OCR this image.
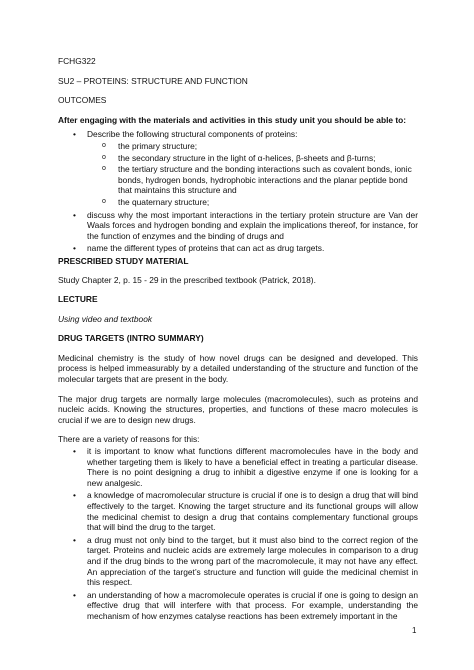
FCHG322

SU2 – PROTEINS: STRUCTURE AND FUNCTION

OUTCOMES

After engaging with the materials and activities in this study unit you should be able to:

• Describe the following structural components of proteins:
o the primary structure;
o the secondary structure in the light of α-helices, β-sheets and β-turns;
o the tertiary structure and the bonding interactions such as covalent bonds, ionic bonds, hydrogen bonds, hydrophobic interactions and the planar peptide bond that maintains this structure and
o the quaternary structure;
• discuss why the most important interactions in the tertiary protein structure are Van der Waals forces and hydrogen bonding and explain the implications thereof, for instance, for the function of enzymes and the binding of drugs and
• name the different types of proteins that can act as drug targets.

PRESCRIBED STUDY MATERIAL

Study Chapter 2, p. 15 - 29 in the prescribed textbook (Patrick, 2018).

LECTURE

Using video and textbook

DRUG TARGETS (INTRO SUMMARY)

Medicinal chemistry is the study of how novel drugs can be designed and developed. This process is helped immeasurably by a detailed understanding of the structure and function of the molecular targets that are present in the body.

The major drug targets are normally large molecules (macromolecules), such as proteins and nucleic acids. Knowing the structures, properties, and functions of these macro molecules is crucial if we are to design new drugs.

There are a variety of reasons for this:

• it is important to know what functions different macromolecules have in the body and whether targeting them is likely to have a beneficial effect in treating a particular disease. There is no point designing a drug to inhibit a digestive enzyme if one is looking for a new analgesic.
• a knowledge of macromolecular structure is crucial if one is to design a drug that will bind effectively to the target. Knowing the target structure and its functional groups will allow the medicinal chemist to design a drug that contains complementary functional groups that will bind the drug to the target.
• a drug must not only bind to the target, but it must also bind to the correct region of the target. Proteins and nucleic acids are extremely large molecules in comparison to a drug and if the drug binds to the wrong part of the macromolecule, it may not have any effect. An appreciation of the target’s structure and function will guide the medicinal chemist in this respect.
• an understanding of how a macromolecule operates is crucial if one is going to design an effective drug that will interfere with that process. For example, understanding the mechanism of how enzymes catalyse reactions has been extremely important in the
1
